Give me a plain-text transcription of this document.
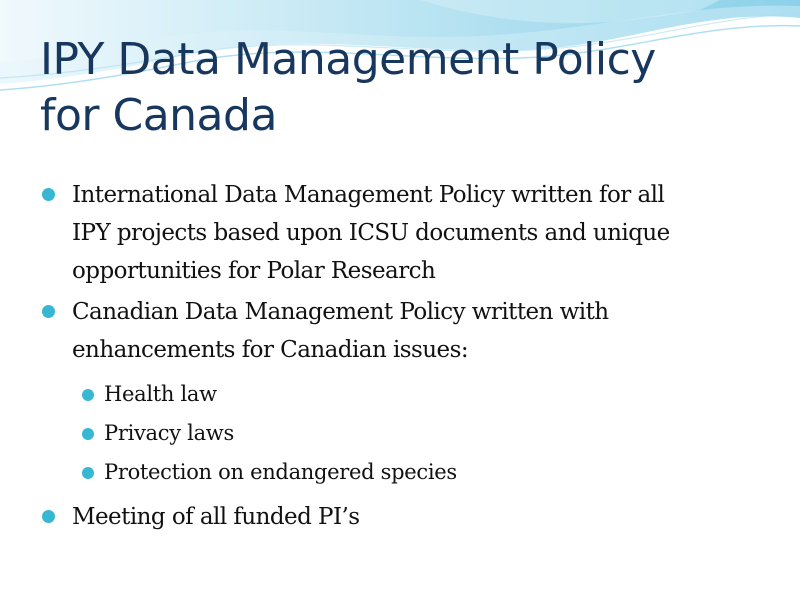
IPY Data Management Policy
for Canada
International Data Management Policy written for all
IPY projects based upon ICSU documents and unique
opportunities for Polar Research
Canadian Data Management Policy written with
enhancements for Canadian issues:
Health law
Privacy laws
Protection on endangered species
Meeting of all funded PI’s
